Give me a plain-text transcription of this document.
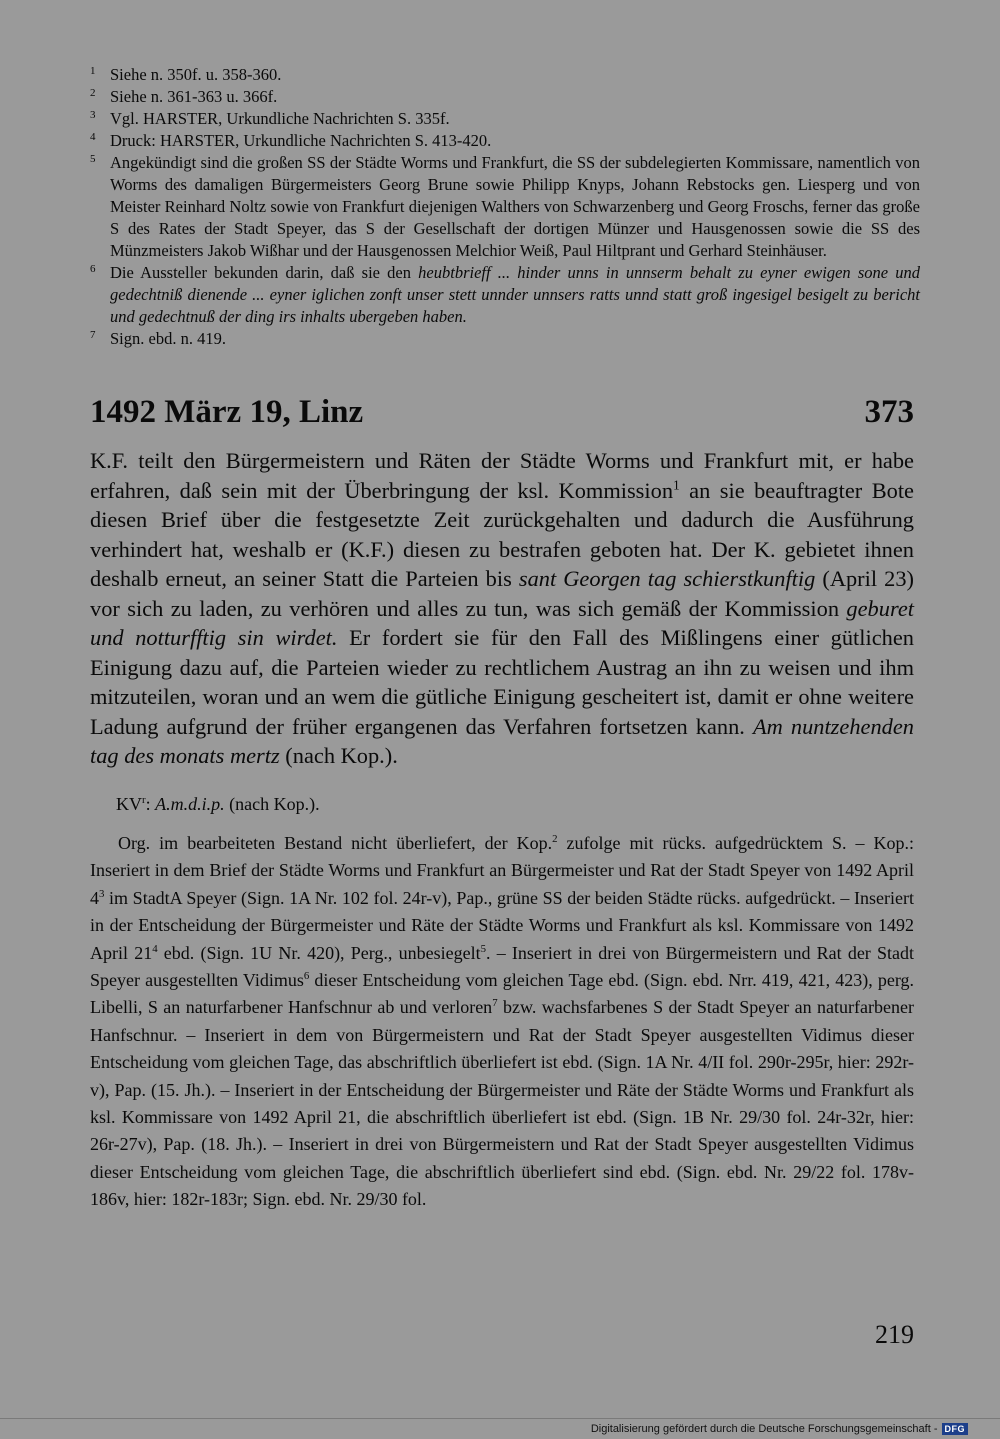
1 Siehe n. 350f. u. 358-360.
2 Siehe n. 361-363 u. 366f.
3 Vgl. HARSTER, Urkundliche Nachrichten S. 335f.
4 Druck: HARSTER, Urkundliche Nachrichten S. 413-420.
5 Angekündigt sind die großen SS der Städte Worms und Frankfurt, die SS der subdelegierten Kommissare, namentlich von Worms des damaligen Bürgermeisters Georg Brune sowie Philipp Knyps, Johann Rebstocks gen. Liesperg und von Meister Reinhard Noltz sowie von Frankfurt diejenigen Walthers von Schwarzenberg und Georg Froschs, ferner das große S des Rates der Stadt Speyer, das S der Gesellschaft der dortigen Münzer und Hausgenossen sowie die SS des Münzmeisters Jakob Wißhar und der Hausgenossen Melchior Weiß, Paul Hiltprant und Gerhard Steinhäuser.
6 Die Aussteller bekunden darin, daß sie den heubtbrieff ... hinder unns in unnserm behalt zu eyner ewigen sone und gedechtniß dienende ... eyner iglichen zonft unser stett unnder unnsers ratts unnd statt groß ingesigel besigelt zu bericht und gedechtnuß der ding irs inhalts ubergeben haben.
7 Sign. ebd. n. 419.
1492 März 19, Linz	373
K.F. teilt den Bürgermeistern und Räten der Städte Worms und Frankfurt mit, er habe erfahren, daß sein mit der Überbringung der ksl. Kommission$^1$ an sie beauftragter Bote diesen Brief über die festgesetzte Zeit zurückgehalten und dadurch die Ausführung verhindert hat, weshalb er (K.F.) diesen zu bestrafen geboten hat. Der K. gebietet ihnen deshalb erneut, an seiner Statt die Parteien bis sant Georgen tag schierstkunftig (April 23) vor sich zu laden, zu verhören und alles zu tun, was sich gemäß der Kommission geburet und notturfftig sin wirdet. Er fordert sie für den Fall des Mißlingens einer gütlichen Einigung dazu auf, die Parteien wieder zu rechtlichem Austrag an ihn zu weisen und ihm mitzuteilen, woran und an wem die gütliche Einigung gescheitert ist, damit er ohne weitere Ladung aufgrund der früher ergangenen das Verfahren fortsetzen kann. Am nuntzehenden tag des monats mertz (nach Kop.).
$KV^r$: A.m.d.i.p. (nach Kop.).
Org. im bearbeiteten Bestand nicht überliefert, der Kop.$^2$ zufolge mit rücks. aufgedrücktem S. – Kop.: Inseriert in dem Brief der Städte Worms und Frankfurt an Bürgermeister und Rat der Stadt Speyer von 1492 April $4^3$ im StadtA Speyer (Sign. 1A Nr. 102 fol. 24r-v), Pap., grüne SS der beiden Städte rücks. aufgedrückt. – Inseriert in der Entscheidung der Bürgermeister und Räte der Städte Worms und Frankfurt als ksl. Kommissare von 1492 April $21^4$ ebd. (Sign. 1U Nr. 420), Perg., unbesiegelt$^5$. – Inseriert in drei von Bürgermeistern und Rat der Stadt Speyer ausgestellten Vidimus$^6$ dieser Entscheidung vom gleichen Tage ebd. (Sign. ebd. Nrr. 419, 421, 423), perg. Libelli, S an naturfarbener Hanfschnur ab und verloren$^7$ bzw. wachsfarbenes S der Stadt Speyer an naturfarbener Hanfschnur. – Inseriert in dem von Bürgermeistern und Rat der Stadt Speyer ausgestellten Vidimus dieser Entscheidung vom gleichen Tage, das abschriftlich überliefert ist ebd. (Sign. 1A Nr. 4/II fol. 290r-295r, hier: 292r-v), Pap. (15. Jh.). – Inseriert in der Entscheidung der Bürgermeister und Räte der Städte Worms und Frankfurt als ksl. Kommissare von 1492 April 21, die abschriftlich überliefert ist ebd. (Sign. 1B Nr. 29/30 fol. 24r-32r, hier: 26r-27v), Pap. (18. Jh.). – Inseriert in drei von Bürgermeistern und Rat der Stadt Speyer ausgestellten Vidimus dieser Entscheidung vom gleichen Tage, die abschriftlich überliefert sind ebd. (Sign. ebd. Nr. 29/22 fol. 178v-186v, hier: 182r-183r; Sign. ebd. Nr. 29/30 fol.
219
Digitalisierung gefördert durch die Deutsche Forschungsgemeinschaft - DFG
